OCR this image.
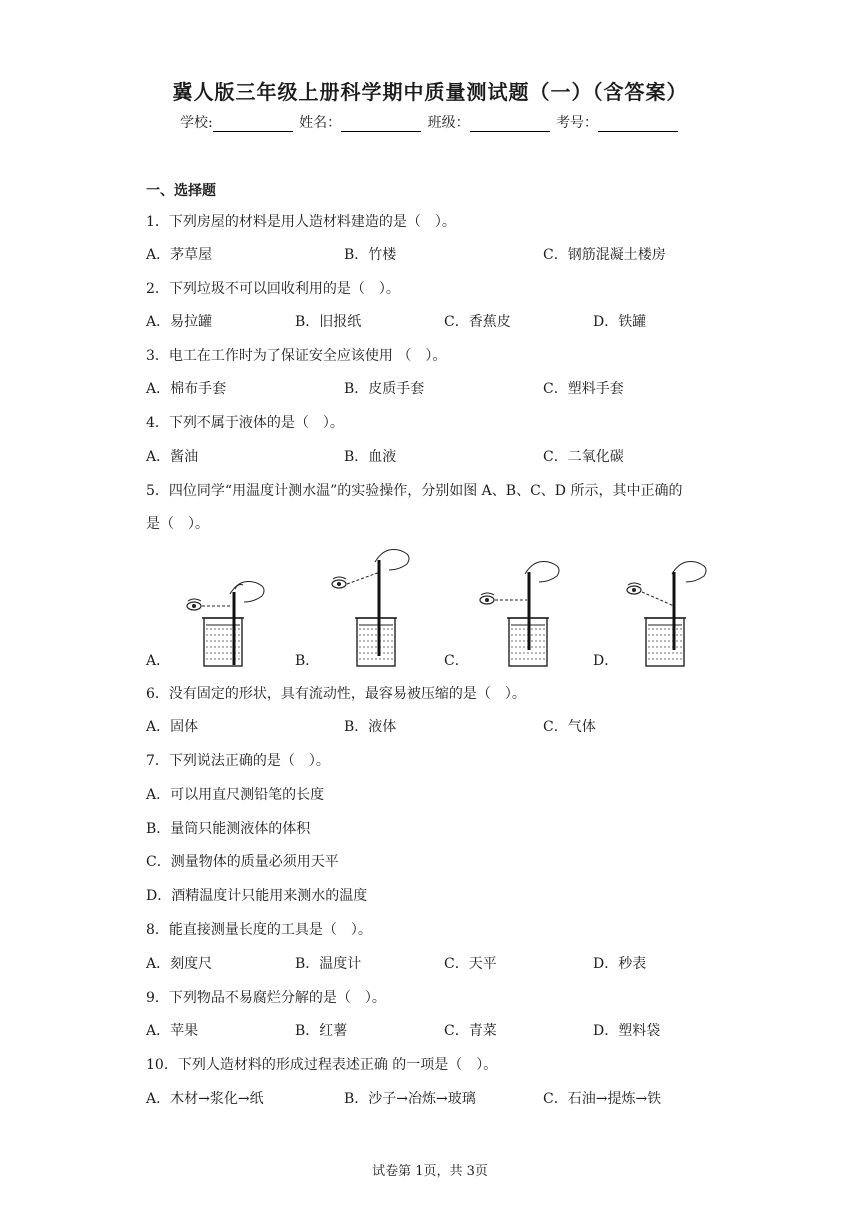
冀人版三年级上册科学期中质量测试题（一）（含答案）
学校:	姓名：	班级：	考号：
一、选择题
1．下列房屋的材料是用人造材料建造的是（　）。
A．茅草屋	B．竹楼	C．钢筋混凝土楼房
2．下列垃圾不可以回收利用的是（　）。
A．易拉罐	B．旧报纸	C．香蕉皮	D．铁罐
3．电工在工作时为了保证安全应该使用 （　）。
A．棉布手套	B．皮质手套	C．塑料手套
4．下列不属于液体的是（　）。
A．酱油	B．血液	C．二氧化碳
5．四位同学“用温度计测水温”的实验操作，分别如图 A、B、C、D 所示，其中正确的
是（　）。
A．	B．	C．	D．
6．没有固定的形状，具有流动性，最容易被压缩的是（　）。
A．固体	B．液体	C．气体
7．下列说法正确的是（　）。
A．可以用直尺测铅笔的长度
B．量筒只能测液体的体积
C．测量物体的质量必须用天平
D．酒精温度计只能用来测水的温度
8．能直接测量长度的工具是（　）。
A．刻度尺	B．温度计	C．天平	D．秒表
9．下列物品不易腐烂分解的是（　）。
A．苹果	B．红薯	C．青菜	D．塑料袋
10．下列人造材料的形成过程表述正确 的一项是（　）。
A．木材→浆化→纸	B．沙子→冶炼→玻璃	C．石油→提炼→铁
试卷第 1页，共 3页
